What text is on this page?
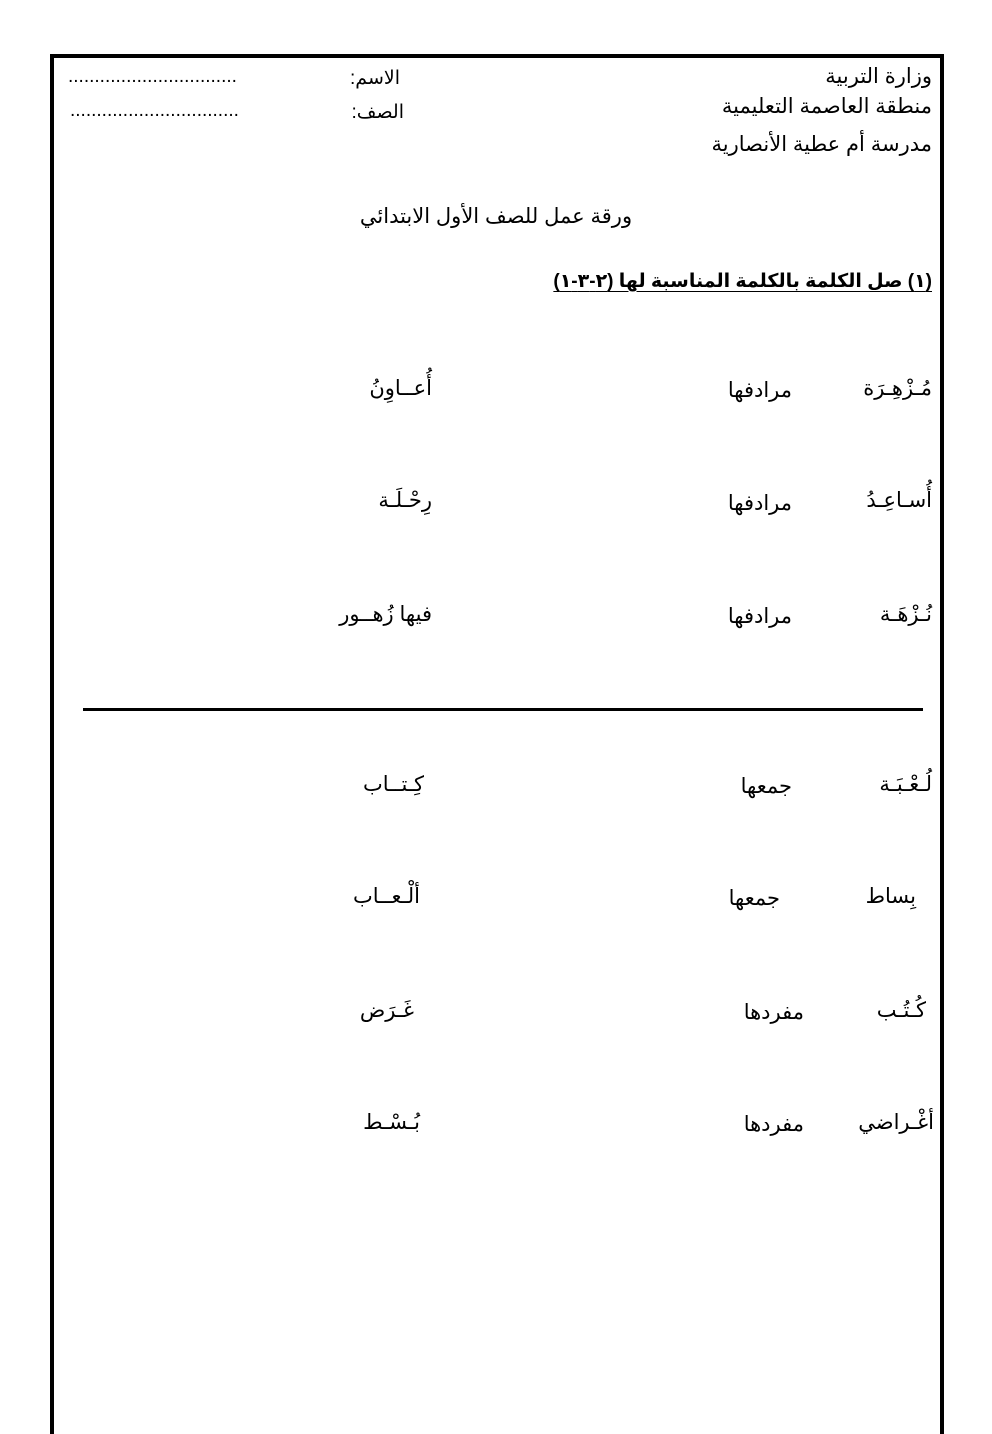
وزارة التربية
منطقة العاصمة التعليمية
مدرسة أم عطية الأنصارية
الاسم:
................................
الصف:
................................
ورقة عمل للصف الأول الابتدائي
(١) صل الكلمة بالكلمة المناسبة لها (٢-٣-١)
مُـزْهِـرَة
مرادفها
أُعــاوِنُ
أُسـاعِـدُ
مرادفها
رِحْـلَـة
نُـزْهَـة
مرادفها
فيها زُهــور
لُـعْـبَـة
جمعها
كِـتــاب
بِساط
جمعها
ألْـعــاب
كُـتُـب
مفردها
غَـرَض
أغْـراضي
مفردها
بُـسْـط
